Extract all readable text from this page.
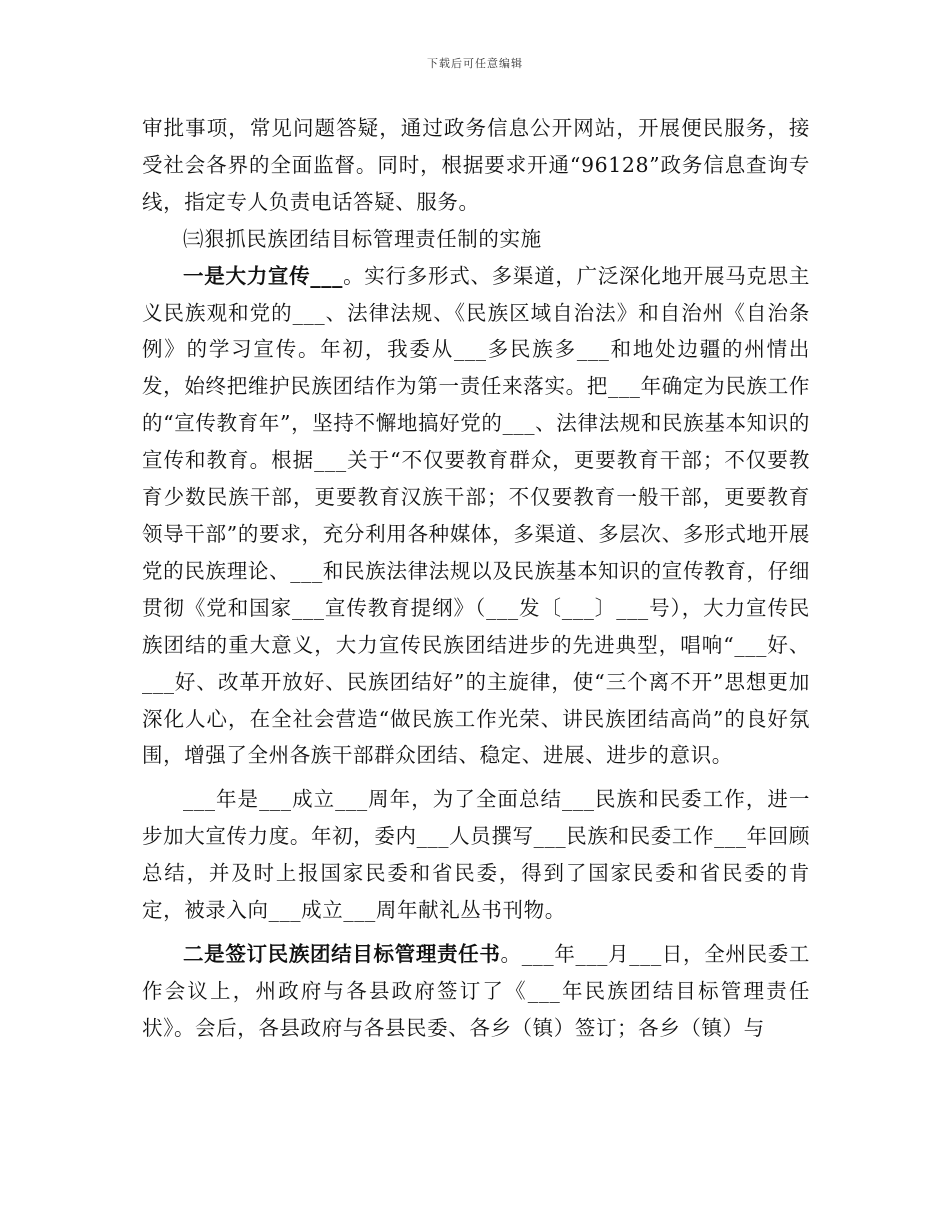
下载后可任意编辑

审批事项，常见问题答疑，通过政务信息公开网站，开展便民服务，接受社会各界的全面监督。同时，根据要求开通“96128”政务信息查询专线，指定专人负责电话答疑、服务。

㈢狠抓民族团结目标管理责任制的实施

一是大力宣传___。实行多形式、多渠道，广泛深化地开展马克思主义民族观和党的___、法律法规、《民族区域自治法》和自治州《自治条例》的学习宣传。年初，我委从___多民族多___和地处边疆的州情出发，始终把维护民族团结作为第一责任来落实。把___年确定为民族工作的“宣传教育年”，坚持不懈地搞好党的___、法律法规和民族基本知识的宣传和教育。根据___关于“不仅要教育群众，更要教育干部；不仅要教育少数民族干部，更要教育汉族干部；不仅要教育一般干部，更要教育领导干部”的要求，充分利用各种媒体，多渠道、多层次、多形式地开展党的民族理论、___和民族法律法规以及民族基本知识的宣传教育，仔细贯彻《党和国家___宣传教育提纲》（___发〔___〕___号），大力宣传民族团结的重大意义，大力宣传民族团结进步的先进典型，唱响“___好、___好、改革开放好、民族团结好”的主旋律，使“三个离不开”思想更加深化人心，在全社会营造“做民族工作光荣、讲民族团结高尚”的良好氛围，增强了全州各族干部群众团结、稳定、进展、进步的意识。

___年是___成立___周年，为了全面总结___民族和民委工作，进一步加大宣传力度。年初，委内___人员撰写___民族和民委工作___年回顾总结，并及时上报国家民委和省民委，得到了国家民委和省民委的肯定，被录入向___成立___周年献礼丛书刊物。

二是签订民族团结目标管理责任书。___年___月___日，全州民委工作会议上，州政府与各县政府签订了《___年民族团结目标管理责任状》。会后，各县政府与各县民委、各乡（镇）签订；各乡（镇）与
